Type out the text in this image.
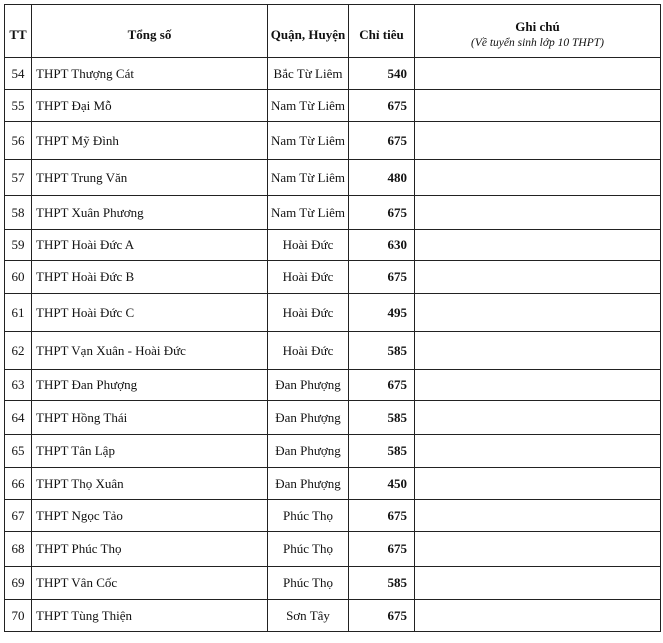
TT	Tổng số	Quận, Huyện	Chỉ tiêu	Ghi chú
(Về tuyển sinh lớp 10 THPT)

54	THPT Thượng Cát	Bắc Từ Liêm	540	
55	THPT Đại Mỗ	Nam Từ Liêm	675	
56	THPT Mỹ Đình	Nam Từ Liêm	675	
57	THPT Trung Văn	Nam Từ Liêm	480	
58	THPT Xuân Phương	Nam Từ Liêm	675	
59	THPT Hoài Đức A	Hoài Đức	630	
60	THPT Hoài Đức B	Hoài Đức	675	
61	THPT Hoài Đức C	Hoài Đức	495	
62	THPT Vạn Xuân - Hoài Đức	Hoài Đức	585	
63	THPT Đan Phượng	Đan Phượng	675	
64	THPT Hồng Thái	Đan Phượng	585	
65	THPT Tân Lập	Đan Phượng	585	
66	THPT Thọ Xuân	Đan Phượng	450	
67	THPT Ngọc Tảo	Phúc Thọ	675	
68	THPT Phúc Thọ	Phúc Thọ	675	
69	THPT Vân Cốc	Phúc Thọ	585	
70	THPT Tùng Thiện	Sơn Tây	675	
